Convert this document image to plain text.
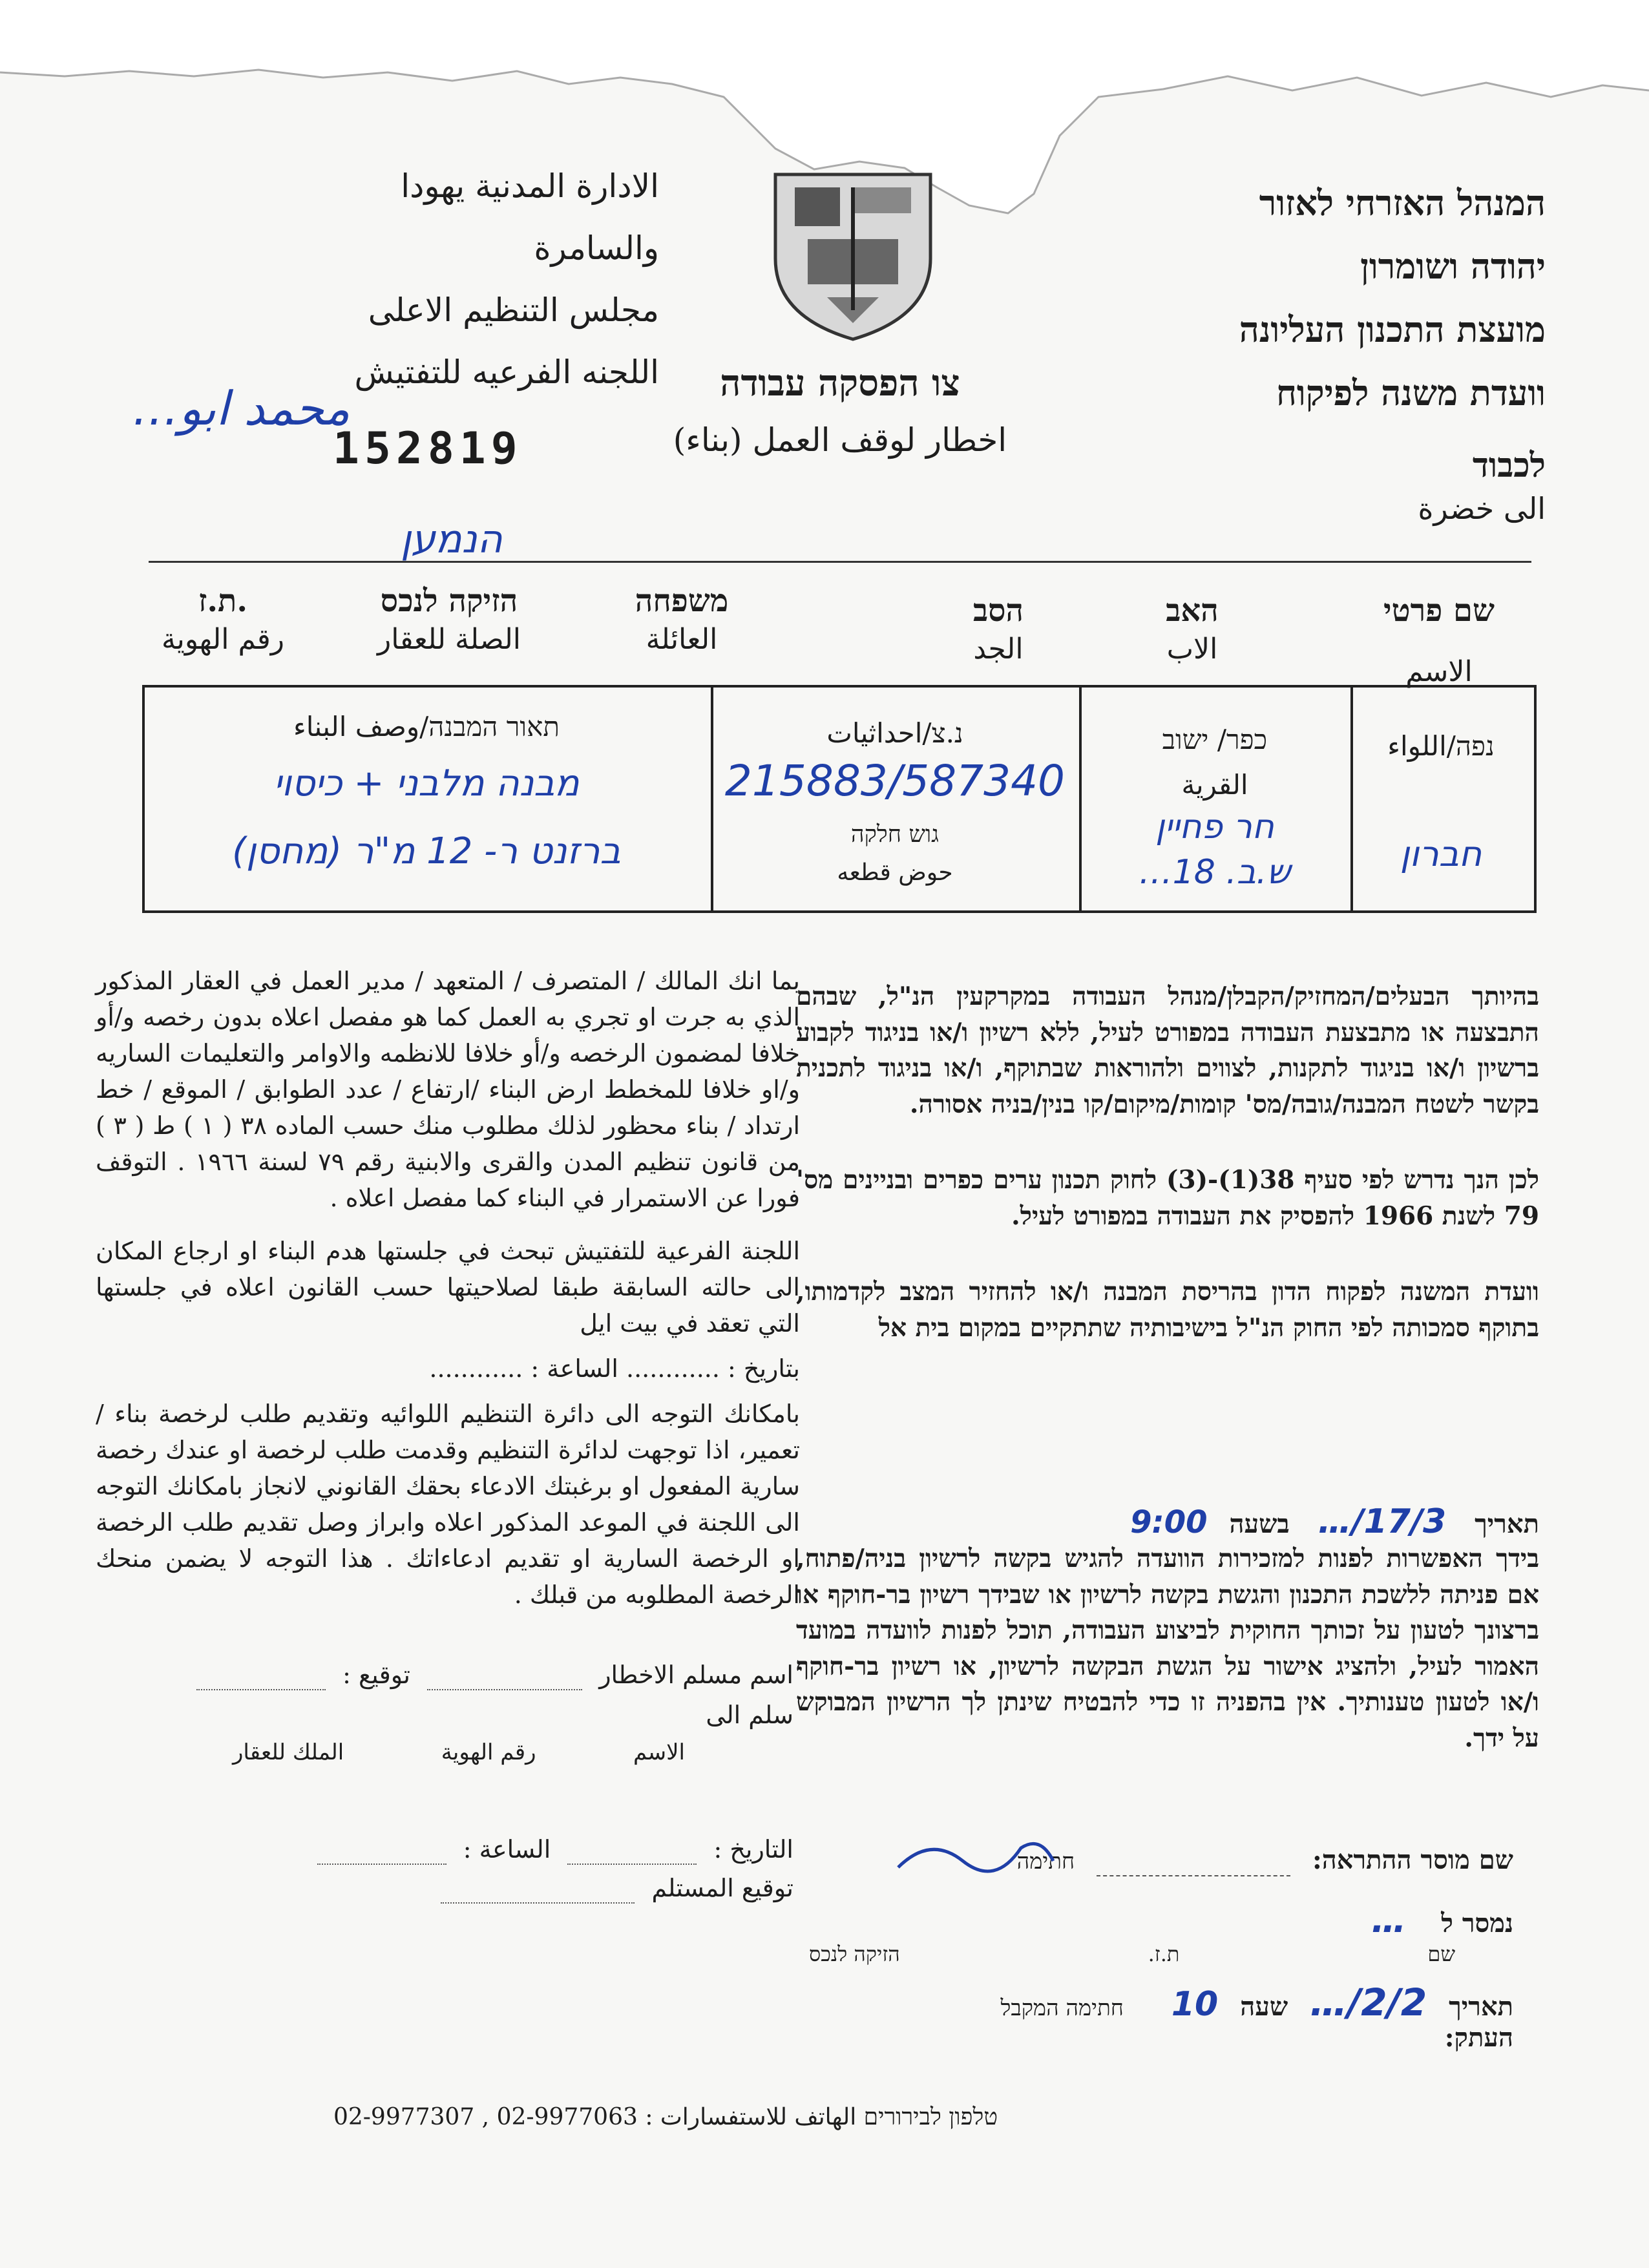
המנהל האזרחי לאזור
יהודה ושומרון
מועצת התכנון העליונה
וועדת משנה לפיקוח
الادارة المدنية يهودا
والسامرة
مجلس التنظيم الاعلى
اللجنه الفرعيه للتفتيش	צו הפסקה עבודה
اخطار لوقف العمل (بناء)
152819
محمد ابو…
לכבוד
الى خضرة
הנמען
שם פרטי
الاسم
האב
الاب
הסב
الجد
משפחה
العائلة
הזיקה לנכס
الصلة للعقار
ת.ז.
رقم الهوية
נפה/اللواء
חברון
כפר/ ישוב
القرية
חר פחיין
ש.ב. 18…
נ.צ/احداثيات
215883/587340
גוש חלקה
حوض قطعه
תאור המבנה/وصف البناء
מבנה מלבני + כיסוי
ברזנט ר- 12 מ"ר (מחסן)

בהיותך הבעלים/המחזיק/הקבלן/מנהל העבודה במקרקעין הנ"ל, שבהם התבצעה או מתבצעת העבודה במפורט לעיל, ללא רשיון ו/או בניגוד לקבוע ברשיון ו/או בניגוד לתקנות, לצווים ולהוראות שבתוקף, ו/או בניגוד לתכנית בקשר לשטח המבנה/גובה/מס' קומות/מיקום/קו בנין/בניה אסורה.

לכן הנך נדרש לפי סעיף 38(1)-(3) לחוק תכנון ערים כפרים ובניינים מס' 79 לשנת 1966 להפסיק את העבודה במפורט לעיל.

וועדת המשנה לפקוח הדון בהריסת המבנה ו/או להחזיר המצב לקדמותו, בתוקף סמכותה לפי החוק הנ"ל בישיבותיה שתתקיים במקום בית אל

תאריך 17/3/… בשעה 9:00

בידך האפשרות לפנות למזכירות הוועדה להגיש בקשה לרשיון בניה/פתוח, אם פניתה ללשכת התכנון והגשת בקשה לרשיון או שבידך רשיון בר-חוקף או ברצונך לטעון על זכותך החוקית לביצוע העבודה, תוכל לפנות לוועדה במועד האמור לעיל, ולהציג אישור על הגשת הבקשה לרשיון, או רשיון בר-חוקף ו/או לטעון טענותיך. אין בהפניה זו כדי להבטיח שינתן לך הרשיון המבוקש על ידך.

שם מוסר ההתראה:   חתימה
נמסר ל …
שם
ת.ז.
הזיקה לנכס
תאריך 2/2/… שעה 10 חתימה המקבל
העתק:

بما انك المالك / المتصرف / المتعهد / مدير العمل في العقار المذكور الذي به جرت او تجري به العمل كما هو مفصل اعلاه بدون رخصه و/أو خلافا لمضمون الرخصه و/أو خلافا للانظمه والاوامر والتعليمات الساريه و/او خلافا للمخطط ارض البناء /ارتفاع / عدد الطوابق / الموقع / خط ارتداد / بناء محظور لذلك مطلوب منك حسب الماده ٣٨ ( ١ ) ط ( ٣ ) من قانون تنظيم المدن والقرى والابنية رقم ٧٩ لسنة ١٩٦٦ . التوقف فورا عن الاستمرار في البناء كما مفصل اعلاه .

اللجنة الفرعية للتفتيش تبحث في جلستها هدم البناء او ارجاع المكان الى حالته السابقة طبقا لصلاحيتها حسب القانون اعلاه في جلستها التي تعقد في بيت ايل

بتاريخ : ............ الساعة : ............

بامكانك التوجه الى دائرة التنظيم اللوائيه وتقديم طلب لرخصة بناء / تعمير، اذا توجهت لدائرة التنظيم وقدمت طلب لرخصة او عندك رخصة سارية المفعول او برغبتك الادعاء بحقك القانوني لانجاز بامكانك التوجه الى اللجنة في الموعد المذكور اعلاه وابراز وصل تقديم طلب الرخصة او الرخصة السارية او تقديم ادعاءاتك . هذا التوجه لا يضمن منحك الرخصة المطلوبه من قبلك .

اسم مسلم الاخطار   توقيع :
سلم الى
الاسم
رقم الهوية
الملك للعقار
التاريخ :   الساعة :
توقيع المستلم
טלפון לבירורים الهاتف للاستفسارات : 02-9977307 , 02-9977063
